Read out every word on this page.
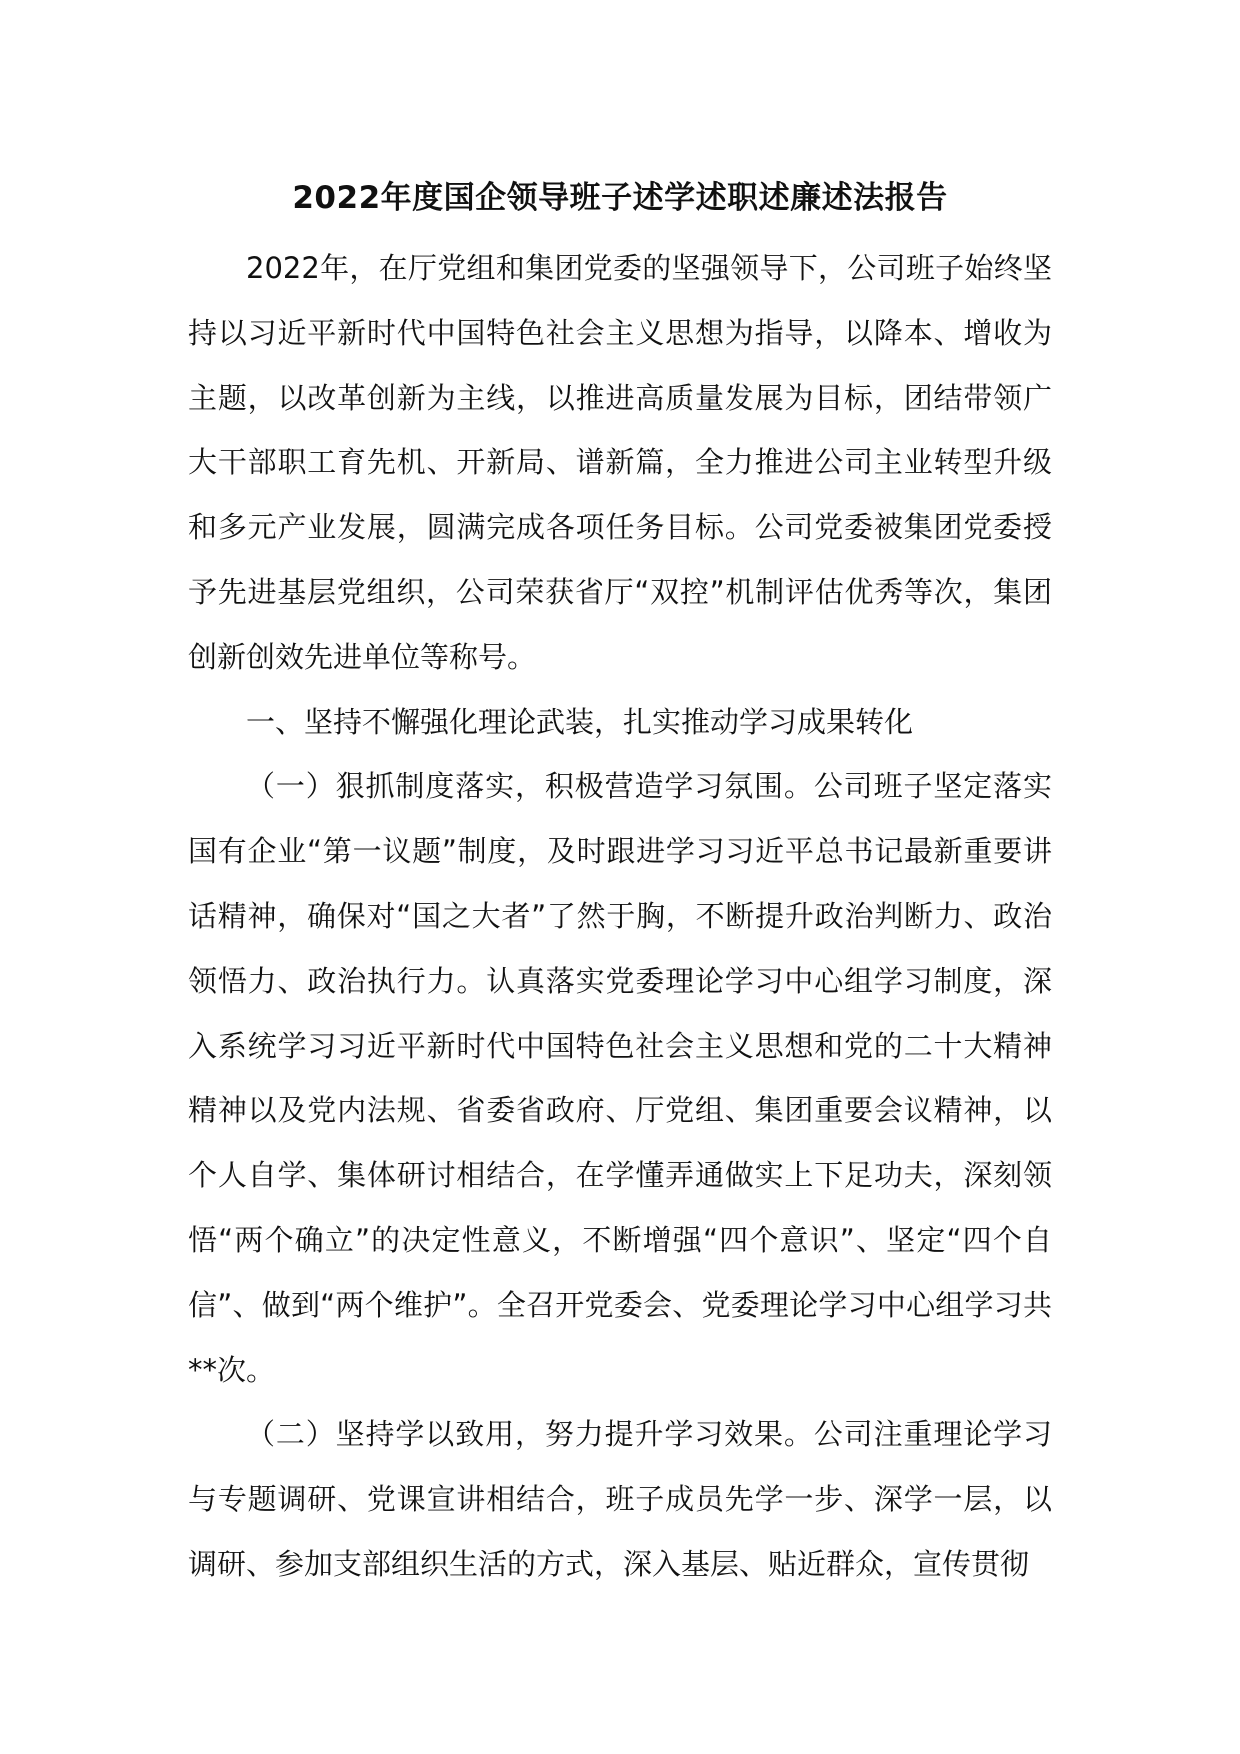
2022年度国企领导班子述学述职述廉述法报告

2022年，在厅党组和集团党委的坚强领导下，公司班子始终坚持以习近平新时代中国特色社会主义思想为指导，以降本、增收为主题，以改革创新为主线，以推进高质量发展为目标，团结带领广大干部职工育先机、开新局、谱新篇，全力推进公司主业转型升级和多元产业发展，圆满完成各项任务目标。公司党委被集团党委授予先进基层党组织，公司荣获省厅“双控”机制评估优秀等次，集团创新创效先进单位等称号。

一、坚持不懈强化理论武装，扎实推动学习成果转化

（一）狠抓制度落实，积极营造学习氛围。公司班子坚定落实国有企业“第一议题”制度，及时跟进学习习近平总书记最新重要讲话精神，确保对“国之大者”了然于胸，不断提升政治判断力、政治领悟力、政治执行力。认真落实党委理论学习中心组学习制度，深入系统学习习近平新时代中国特色社会主义思想和党的二十大精神精神以及党内法规、省委省政府、厅党组、集团重要会议精神，以个人自学、集体研讨相结合，在学懂弄通做实上下足功夫，深刻领悟“两个确立”的决定性意义，不断增强“四个意识”、坚定“四个自信”、做到“两个维护”。全召开党委会、党委理论学习中心组学习共**次。

（二）坚持学以致用，努力提升学习效果。公司注重理论学习与专题调研、党课宣讲相结合，班子成员先学一步、深学一层，以调研、参加支部组织生活的方式，深入基层、贴近群众，宣传贯彻
